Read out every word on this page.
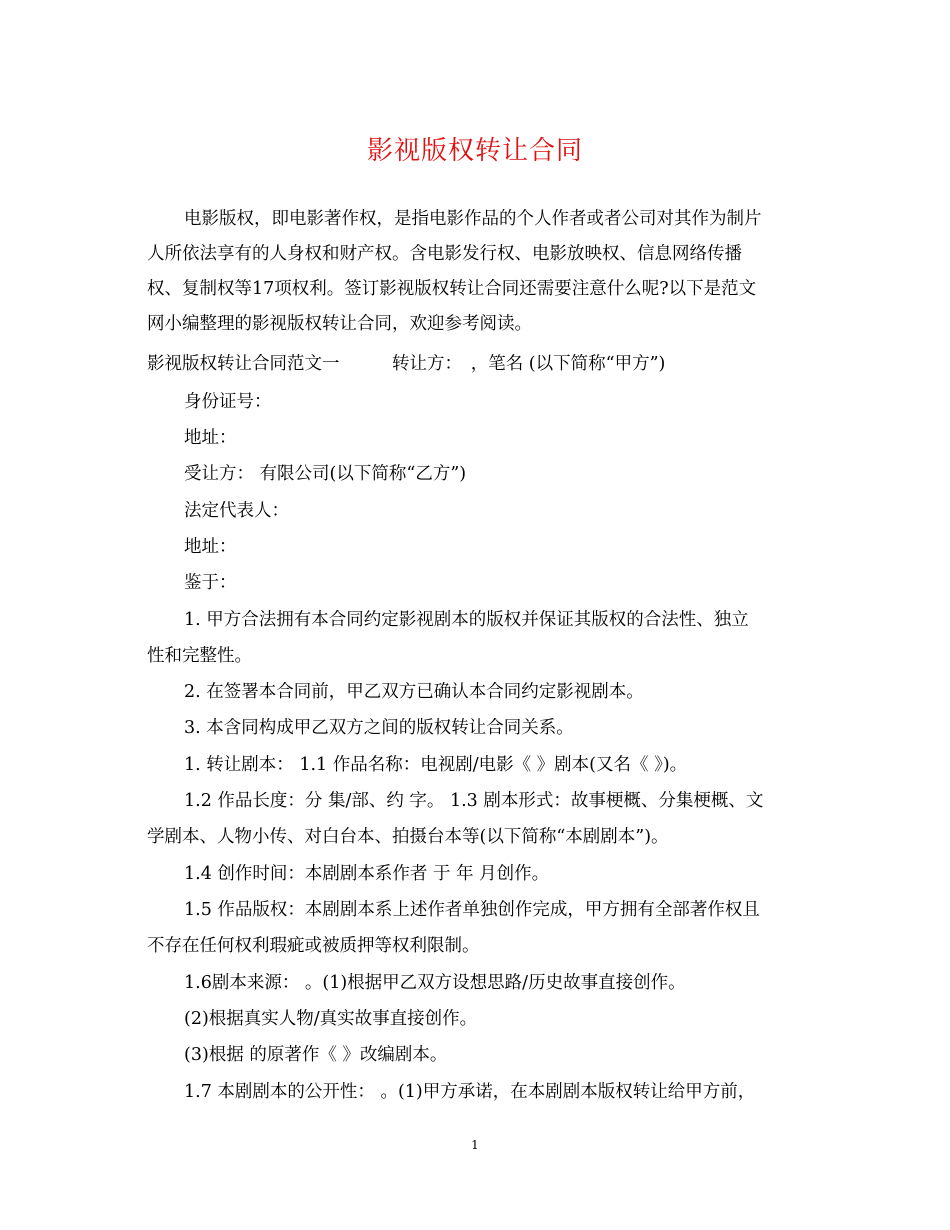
影视版权转让合同
电影版权，即电影著作权，是指电影作品的个人作者或者公司对其作为制片
人所依法享有的人身权和财产权。含电影发行权、电影放映权、信息网络传播
权、复制权等17项权利。签订影视版权转让合同还需要注意什么呢?以下是范文
网小编整理的影视版权转让合同，欢迎参考阅读。
影视版权转让合同范文一　　　转让方：　，笔名 (以下简称“甲方”)
身份证号：
地址：
受让方： 有限公司(以下简称“乙方”)
法定代表人：
地址：
鉴于：
1. 甲方合法拥有本合同约定影视剧本的版权并保证其版权的合法性、独立
性和完整性。
2. 在签署本合同前，甲乙双方已确认本合同约定影视剧本。
3. 本含同构成甲乙双方之间的版权转让合同关系。
1. 转让剧本： 1.1 作品名称：电视剧/电影《 》剧本(又名《 》)。
1.2 作品长度：分 集/部、约 字。 1.3 剧本形式：故事梗概、分集梗概、文
学剧本、人物小传、对白台本、拍摄台本等(以下简称“本剧剧本”)。
1.4 创作时间：本剧剧本系作者 于 年 月创作。
1.5 作品版权：本剧剧本系上述作者单独创作完成，甲方拥有全部著作权且
不存在任何权利瑕疵或被质押等权利限制。
1.6剧本来源： 。(1)根据甲乙双方设想思路/历史故事直接创作。
(2)根据真实人物/真实故事直接创作。
(3)根据 的原著作《 》改编剧本。
1.7 本剧剧本的公开性： 。(1)甲方承诺，在本剧剧本版权转让给甲方前，
1
